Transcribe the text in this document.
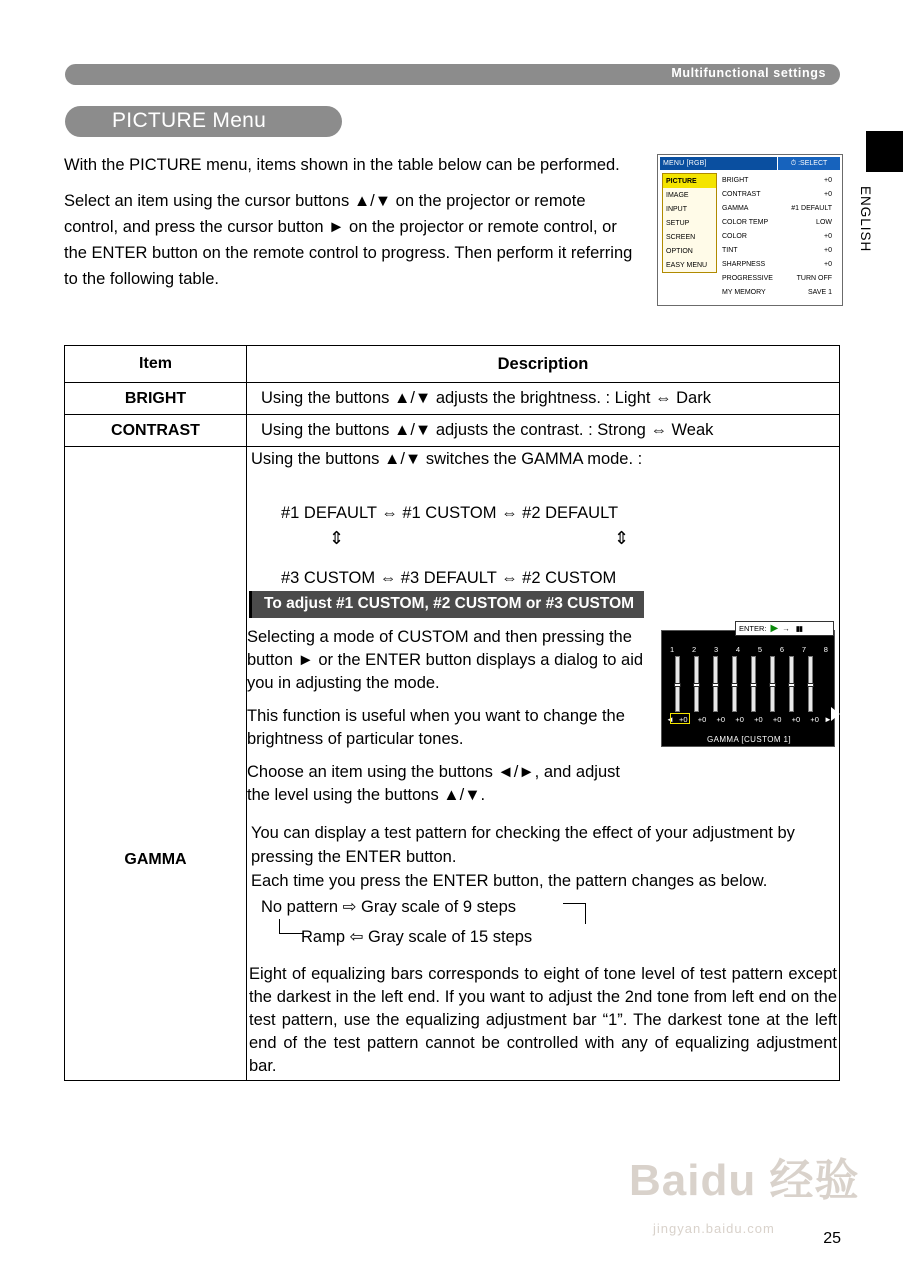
Multifunctional settings
PICTURE Menu
ENGLISH

With the PICTURE menu, items shown in the table below can be performed.

Select an item using the cursor buttons ▲/▼ on the projector or remote control, and press the cursor button ► on the projector or remote control, or the ENTER button on the remote control to progress. Then perform it referring to the following table.

MENU [RGB]	⏱ :SELECT
PICTURE
IMAGE
INPUT
SETUP
SCREEN
OPTION
EASY MENU
BRIGHT	+0
CONTRAST	+0
GAMMA	#1 DEFAULT
COLOR TEMP	LOW
COLOR	+0
TINT	+0
SHARPNESS	+0
PROGRESSIVE	TURN OFF
MY MEMORY	SAVE 1
Item	Description
BRIGHT	Using the buttons ▲/▼ adjusts the brightness. : Light ⇔ Dark
CONTRAST	Using the buttons ▲/▼ adjusts the contrast. : Strong ⇔ Weak
GAMMA
Using the buttons ▲/▼ switches the GAMMA mode. :
#1 DEFAULT ⇔ #1 CUSTOM ⇔ #2 DEFAULT
⇕	⇕
#3 CUSTOM ⇔ #3 DEFAULT ⇔ #2 CUSTOM
To adjust #1 CUSTOM, #2 CUSTOM or #3 CUSTOM

Selecting a mode of CUSTOM and then pressing the button ► or the ENTER button displays a dialog to aid you in adjusting the mode.

This function is useful when you want to change the brightness of particular tones.

Choose an item using the buttons ◄/►, and adjust the level using the buttons ▲/▼.

ENTER: ▶ → ▮▮
1 2 3 4 5 6 7 8
◄ +0	+0	+0	+0	+0	+0	+0	+0 ►
GAMMA [CUSTOM 1]
You can display a test pattern for checking the effect of your adjustment by pressing the ENTER button.
Each time you press the ENTER button, the pattern changes as below.
No pattern ⇨ Gray scale of 9 steps
Ramp ⇦ Gray scale of 15 steps
Eight of equalizing bars corresponds to eight of tone level of test pattern except the darkest in the left end. If you want to adjust the 2nd tone from left end on the test pattern, use the equalizing adjustment bar “1”. The darkest tone at the left end of the test pattern cannot be controlled with any of equalizing adjustment bar.
Baidu 经验
jingyan.baidu.com
25
